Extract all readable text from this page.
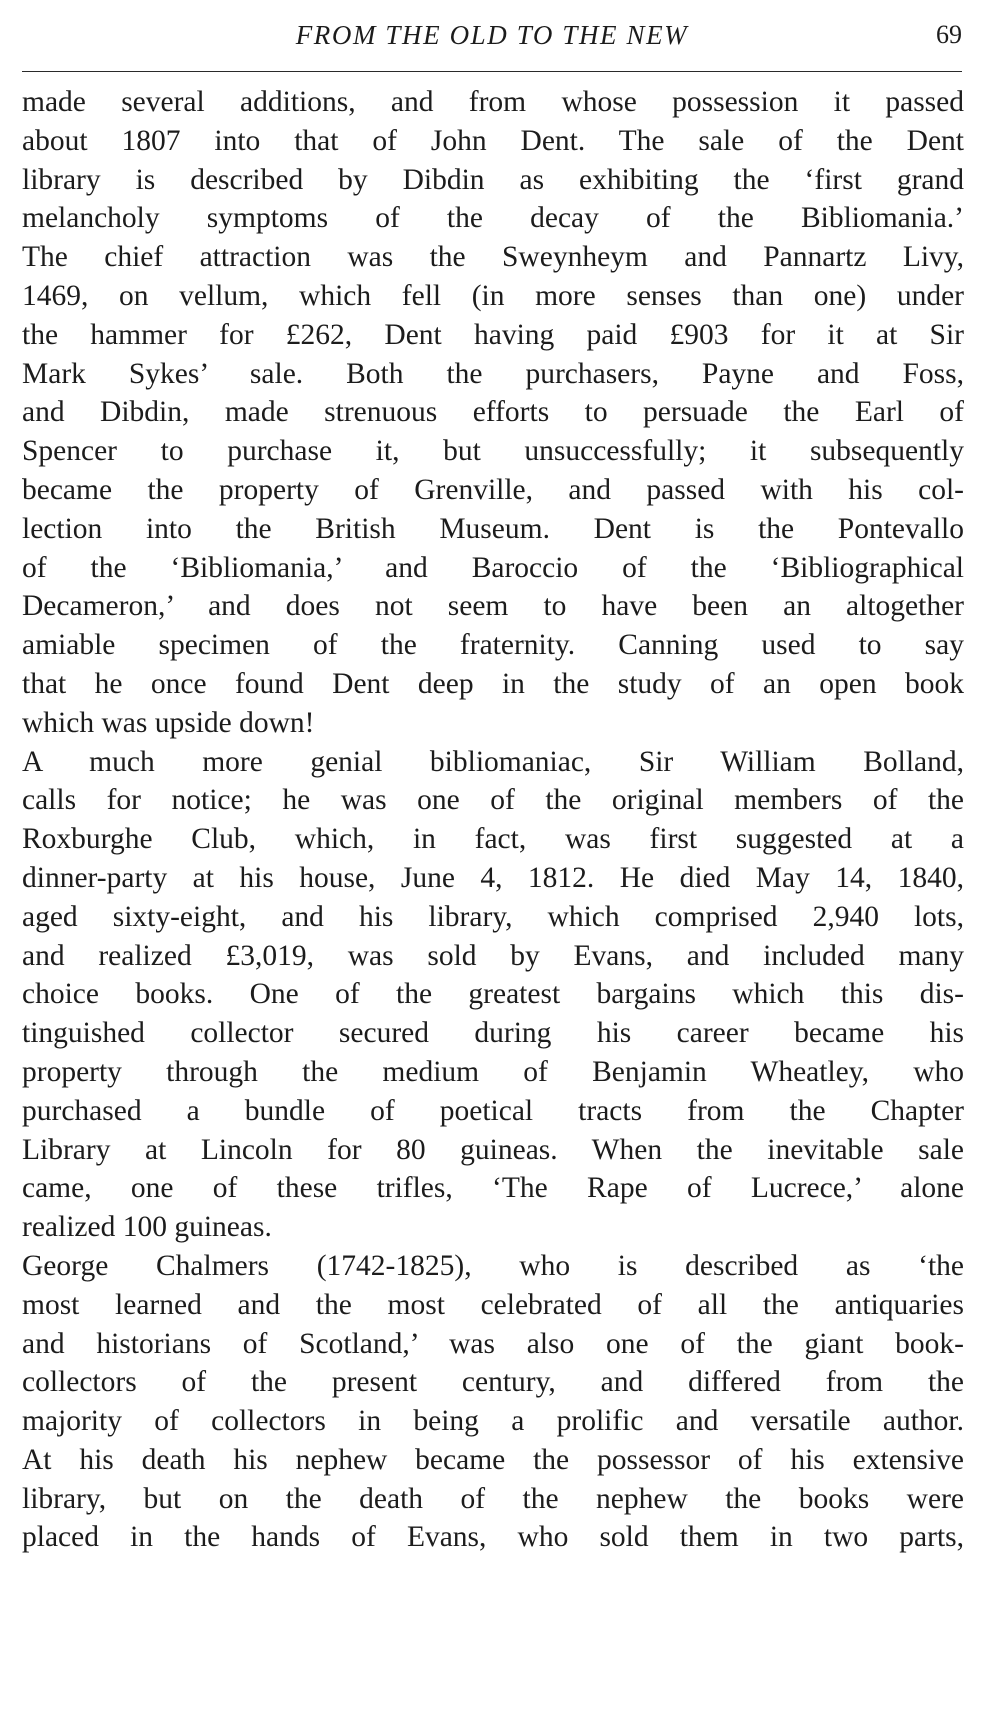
FROM THE OLD TO THE NEW	69
made several additions, and from whose possession it passed
about 1807 into that of John Dent. The sale of the Dent
library is described by Dibdin as exhibiting the ‘first grand
melancholy symptoms of the decay of the Bibliomania.’
The chief attraction was the Sweynheym and Pannartz Livy,
1469, on vellum, which fell (in more senses than one) under
the hammer for £262, Dent having paid £903 for it at Sir
Mark Sykes’ sale. Both the purchasers, Payne and Foss,
and Dibdin, made strenuous efforts to persuade the Earl of
Spencer to purchase it, but unsuccessfully; it subsequently
became the property of Grenville, and passed with his col-
lection into the British Museum. Dent is the Pontevallo
of the ‘Bibliomania,’ and Baroccio of the ‘Bibliographical
Decameron,’ and does not seem to have been an altogether
amiable specimen of the fraternity. Canning used to say
that he once found Dent deep in the study of an open book
which was upside down!
A much more genial bibliomaniac, Sir William Bolland,
calls for notice; he was one of the original members of the
Roxburghe Club, which, in fact, was first suggested at a
dinner-party at his house, June 4, 1812. He died May 14, 1840,
aged sixty-eight, and his library, which comprised 2,940 lots,
and realized £3,019, was sold by Evans, and included many
choice books. One of the greatest bargains which this dis-
tinguished collector secured during his career became his
property through the medium of Benjamin Wheatley, who
purchased a bundle of poetical tracts from the Chapter
Library at Lincoln for 80 guineas. When the inevitable sale
came, one of these trifles, ‘The Rape of Lucrece,’ alone
realized 100 guineas.
George Chalmers (1742-1825), who is described as ‘the
most learned and the most celebrated of all the antiquaries
and historians of Scotland,’ was also one of the giant book-
collectors of the present century, and differed from the
majority of collectors in being a prolific and versatile author.
At his death his nephew became the possessor of his extensive
library, but on the death of the nephew the books were
placed in the hands of Evans, who sold them in two parts,
